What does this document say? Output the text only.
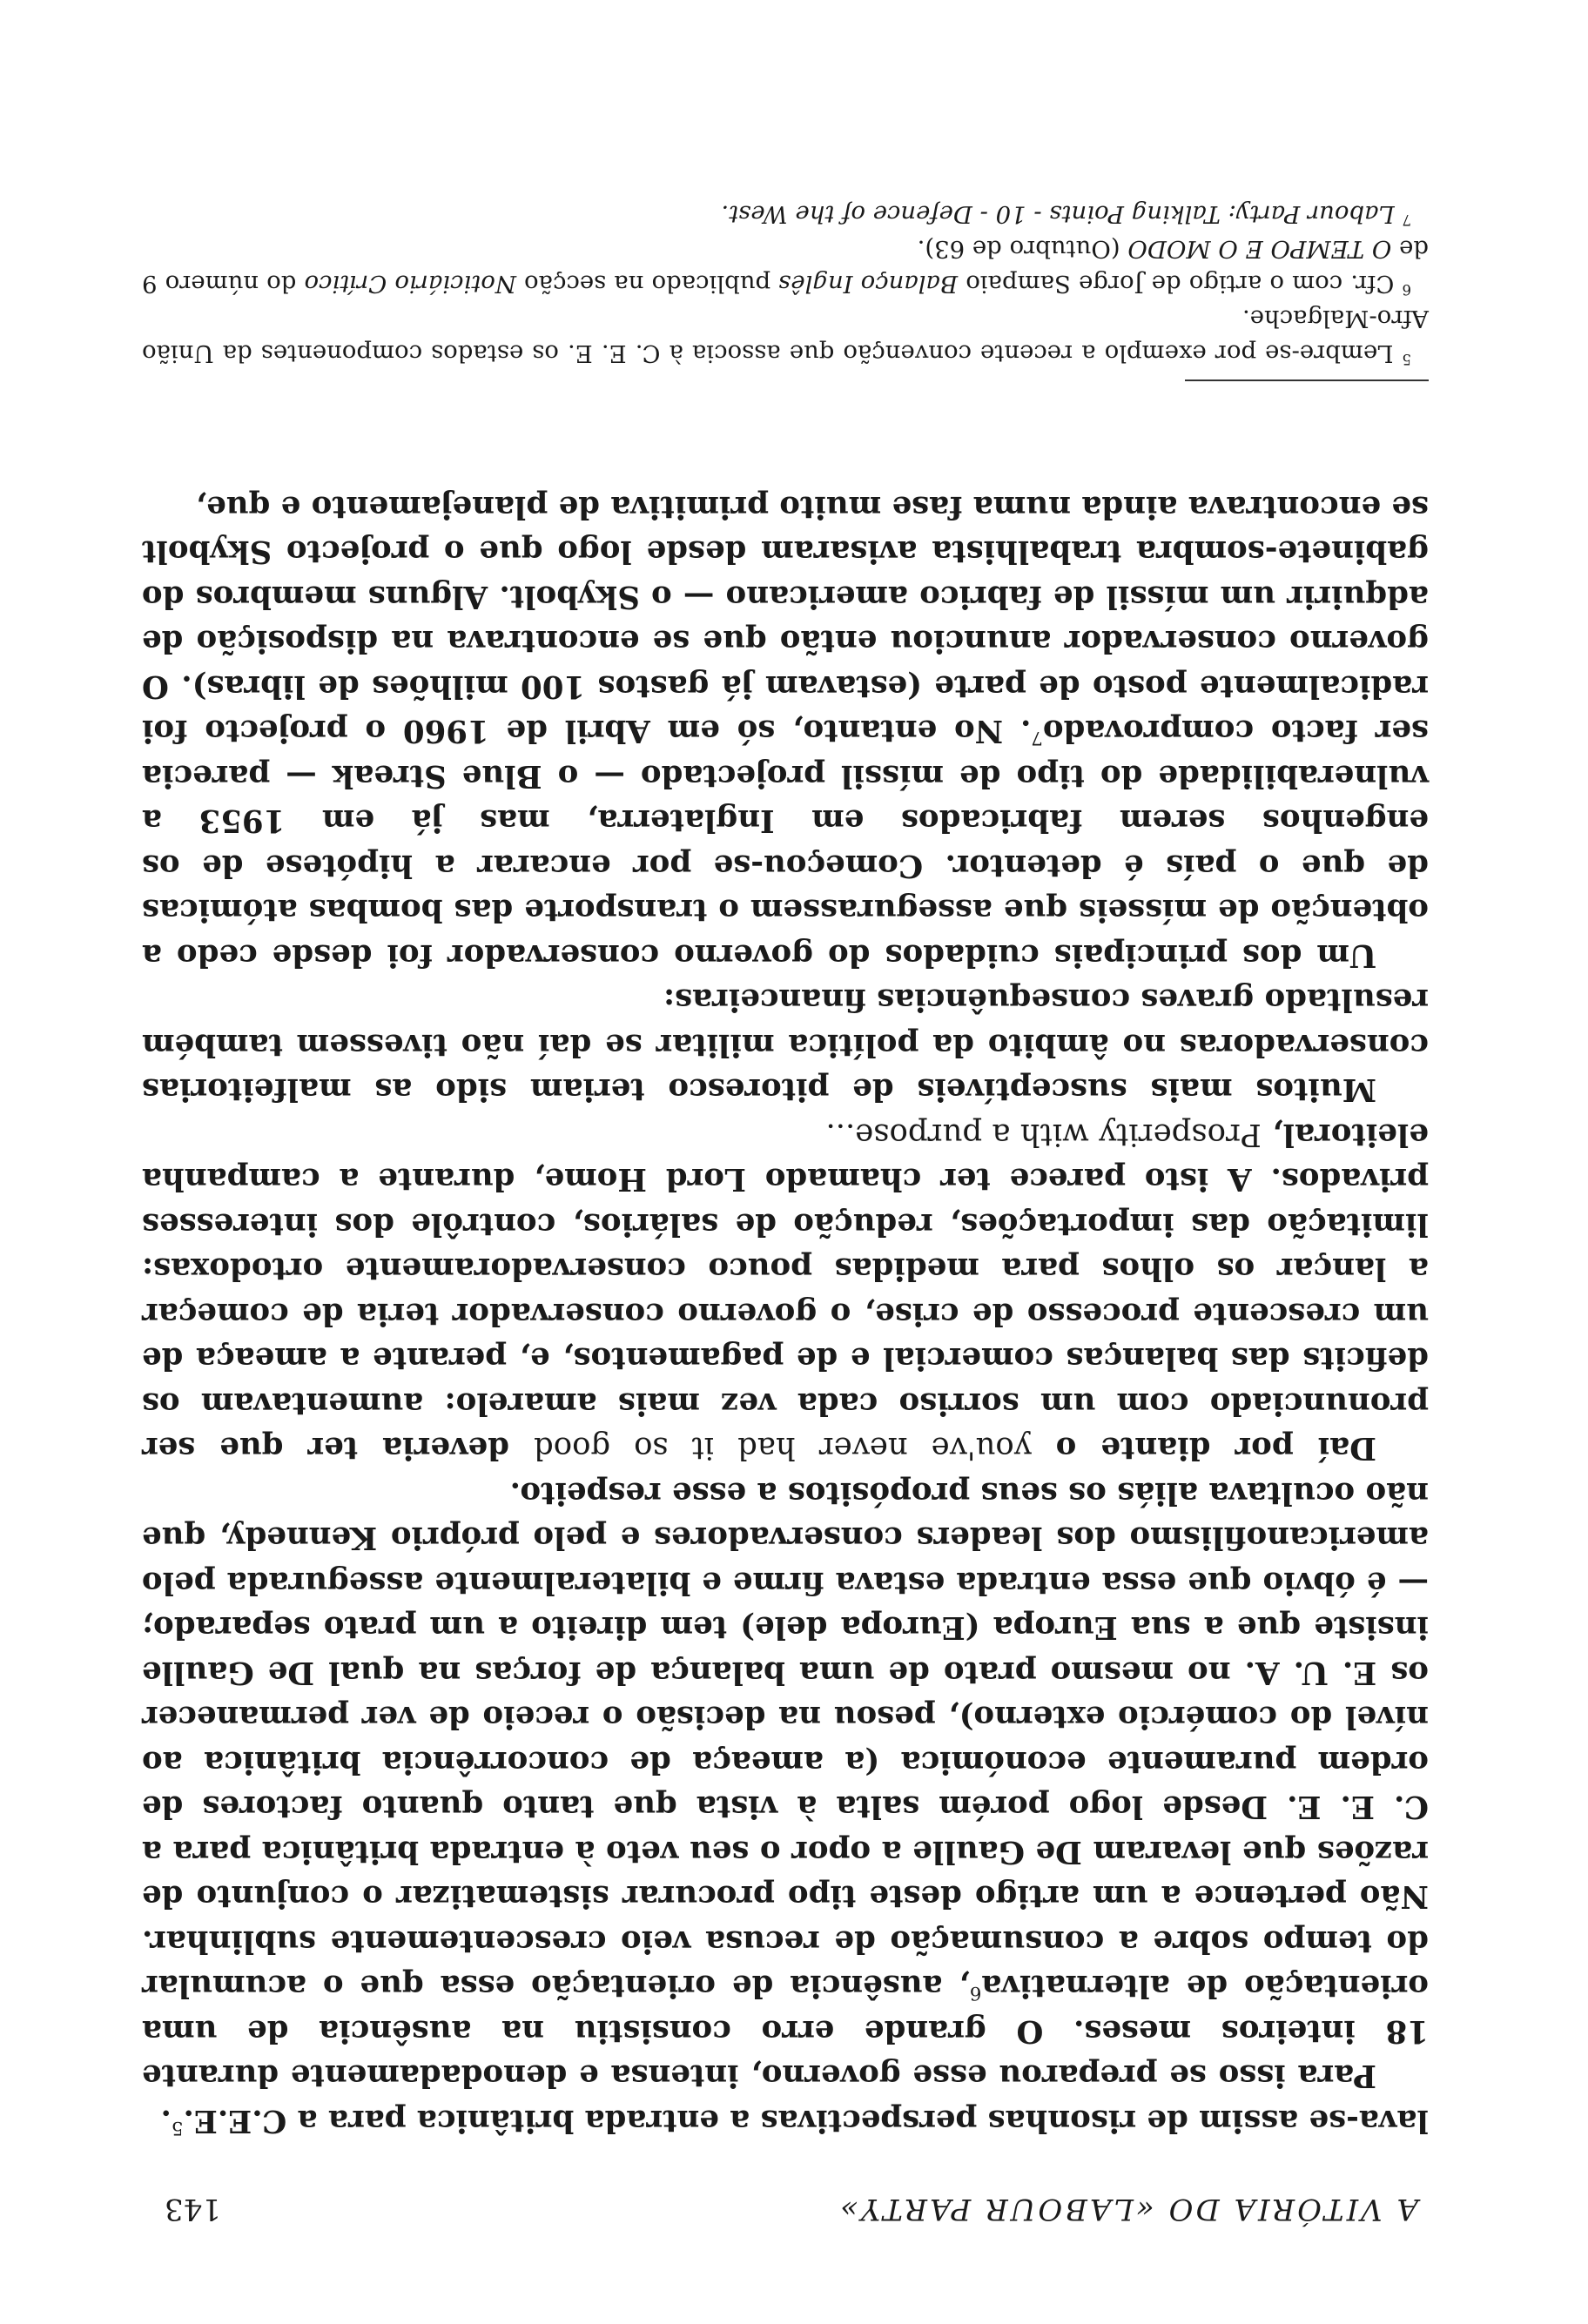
A VITÓRIA DO «LABOUR PARTY»
143

lava-se assim de risonhas perspectivas a entrada britânica para a C.E.E.$^5$.

Para isso se preparou esse governo, intensa e denodadamente durante 18 inteiros meses. O grande erro consistiu na ausência de uma orientação de alternativa$^6$, ausência de orientação essa que o acumular do tempo sobre a consumação de recusa veio crescentemente sublinhar. Não pertence a um artigo deste tipo procurar sistematizar o conjunto de razões que levaram De Gaulle a opor o seu veto à entrada britânica para a C. E. E. Desde logo porém salta à vista que tanto quanto factores de ordem puramente económica (a ameaça de concorrência britânica ao nível do comércio externo), pesou na decisão o receio de ver permanecer os E. U. A. no mesmo prato de uma balança de forças na qual De Gaulle insiste que a sua Europa (Europa dele) tem direito a um prato separado; — é óbvio que essa entrada estava firme e bilateralmente assegurada pelo americanofilismo dos leaders conservadores e pelo próprio Kennedy, que não ocultava aliás os seus propósitos a esse respeito.

Daí por diante o you've never had it so good deveria ter que ser pronunciado com um sorriso cada vez mais amarelo: aumentavam os deficits das balanças comercial e de pagamentos, e, perante a ameaça de um crescente processo de crise, o governo conservador teria de começar a lançar os olhos para medidas pouco conservadoramente ortodoxas: limitação das importações, redução de salários, contrôle dos interesses privados. A isto parece ter chamado Lord Home, durante a campanha eleitoral, Prosperity with a purpose...

Muitos mais susceptíveis de pitoresco teriam sido as malfeitorias conservadoras no âmbito da política militar se daí não tivessem também resultado graves consequências financeiras:

Um dos principais cuidados do governo conservador foi desde cedo a obtenção de mísseis que assegurassem o transporte das bombas atómicas de que o país é detentor. Começou-se por encarar a hipótese de os engenhos serem fabricados em Inglaterra, mas já em 1953 a vulnerabilidade do tipo de míssil projectado — o Blue Streak — parecia ser facto comprovado$^7$. No entanto, só em Abril de 1960 o projecto foi radicalmente posto de parte (estavam já gastos 100 milhões de libras). O governo conservador anunciou então que se encontrava na disposição de adquirir um míssil de fabrico americano — o Skybolt. Alguns membros do gabinete-sombra trabalhista avisaram desde logo que o projecto Skybolt se encontrava ainda numa fase muito primitiva de planejamento e que,

$^5$ Lembre-se por exemplo a recente convenção que associa à C. E. E. os estados componentes da União Afro-Malgache.

$^6$ Cfr. com o artigo de Jorge Sampaio Balanço Inglês publicado na secção Noticiário Crítico do número 9 de O TEMPO E O MODO (Outubro de 63).

$^7$ Labour Party: Talking Points - 10 - Defence of the West.
